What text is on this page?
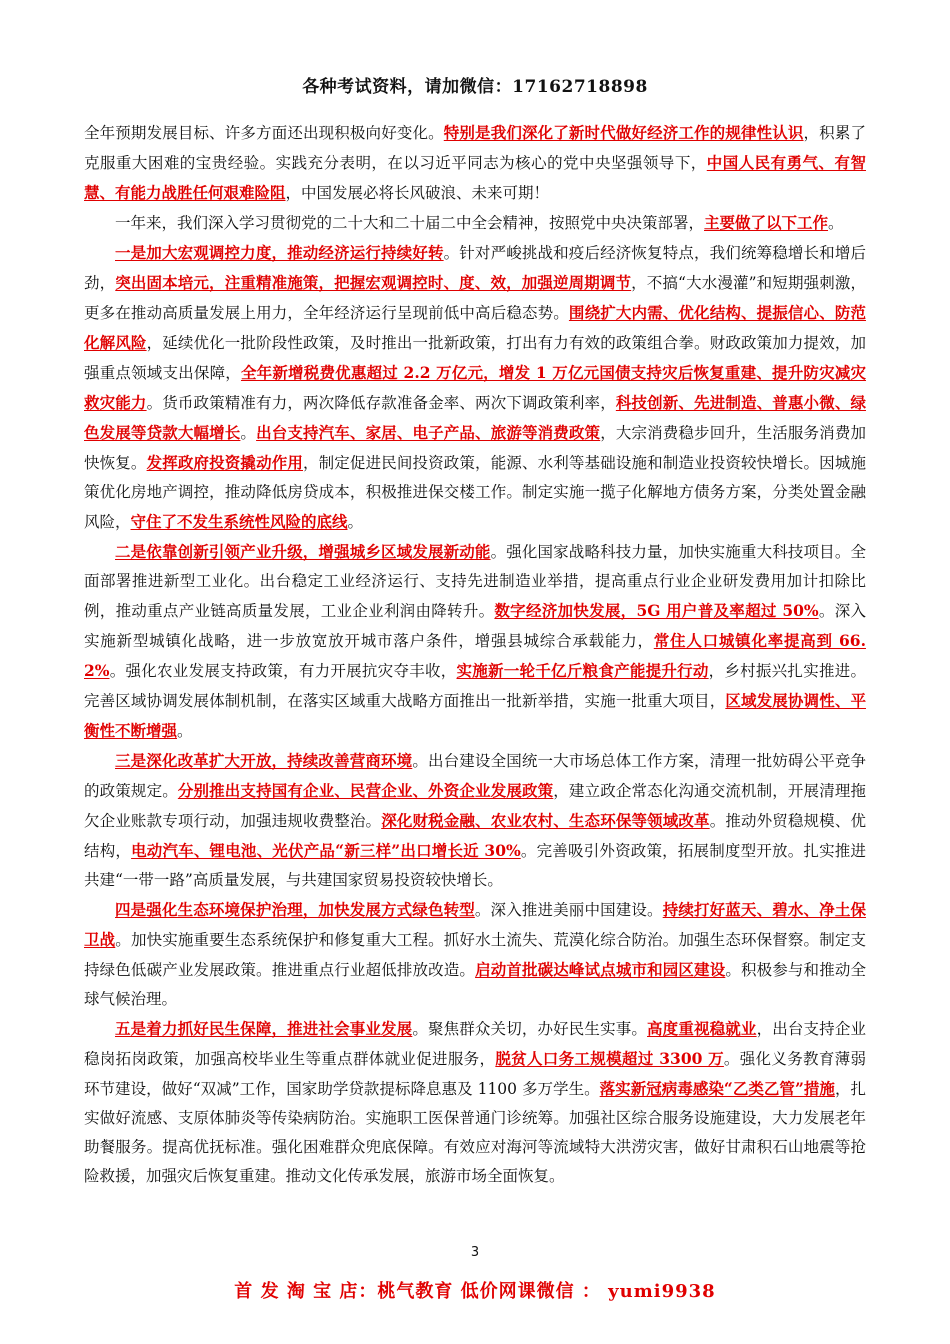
各种考试资料，请加微信：17162718898

全年预期发展目标、许多方面还出现积极向好变化。特别是我们深化了新时代做好经济工作的规律性认识，积累了克服重大困难的宝贵经验。实践充分表明，在以习近平同志为核心的党中央坚强领导下，中国人民有勇气、有智慧、有能力战胜任何艰难险阻，中国发展必将长风破浪、未来可期！

一年来，我们深入学习贯彻党的二十大和二十届二中全会精神，按照党中央决策部署，主要做了以下工作。

一是加大宏观调控力度，推动经济运行持续好转。针对严峻挑战和疫后经济恢复特点，我们统筹稳增长和增后劲，突出固本培元，注重精准施策，把握宏观调控时、度、效，加强逆周期调节，不搞“大水漫灌”和短期强刺激，更多在推动高质量发展上用力，全年经济运行呈现前低中高后稳态势。围绕扩大内需、优化结构、提振信心、防范化解风险，延续优化一批阶段性政策，及时推出一批新政策，打出有力有效的政策组合拳。财政政策加力提效，加强重点领域支出保障，全年新增税费优惠超过 2.2 万亿元，增发 1 万亿元国债支持灾后恢复重建、提升防灾减灾救灾能力。货币政策精准有力，两次降低存款准备金率、两次下调政策利率，科技创新、先进制造、普惠小微、绿色发展等贷款大幅增长。出台支持汽车、家居、电子产品、旅游等消费政策，大宗消费稳步回升，生活服务消费加快恢复。发挥政府投资撬动作用，制定促进民间投资政策，能源、水利等基础设施和制造业投资较快增长。因城施策优化房地产调控，推动降低房贷成本，积极推进保交楼工作。制定实施一揽子化解地方债务方案，分类处置金融风险，守住了不发生系统性风险的底线。

二是依靠创新引领产业升级，增强城乡区域发展新动能。强化国家战略科技力量，加快实施重大科技项目。全面部署推进新型工业化。出台稳定工业经济运行、支持先进制造业举措，提高重点行业企业研发费用加计扣除比例，推动重点产业链高质量发展，工业企业利润由降转升。数字经济加快发展，5G 用户普及率超过 50%。深入实施新型城镇化战略，进一步放宽放开城市落户条件，增强县城综合承载能力，常住人口城镇化率提高到 66.2%。强化农业发展支持政策，有力开展抗灾夺丰收，实施新一轮千亿斤粮食产能提升行动，乡村振兴扎实推进。完善区域协调发展体制机制，在落实区域重大战略方面推出一批新举措，实施一批重大项目，区域发展协调性、平衡性不断增强。

三是深化改革扩大开放，持续改善营商环境。出台建设全国统一大市场总体工作方案，清理一批妨碍公平竞争的政策规定。分别推出支持国有企业、民营企业、外资企业发展政策，建立政企常态化沟通交流机制，开展清理拖欠企业账款专项行动，加强违规收费整治。深化财税金融、农业农村、生态环保等领域改革。推动外贸稳规模、优结构，电动汽车、锂电池、光伏产品“新三样”出口增长近 30%。完善吸引外资政策，拓展制度型开放。扎实推进共建“一带一路”高质量发展，与共建国家贸易投资较快增长。

四是强化生态环境保护治理，加快发展方式绿色转型。深入推进美丽中国建设。持续打好蓝天、碧水、净土保卫战。加快实施重要生态系统保护和修复重大工程。抓好水土流失、荒漠化综合防治。加强生态环保督察。制定支持绿色低碳产业发展政策。推进重点行业超低排放改造。启动首批碳达峰试点城市和园区建设。积极参与和推动全球气候治理。

五是着力抓好民生保障，推进社会事业发展。聚焦群众关切，办好民生实事。高度重视稳就业，出台支持企业稳岗拓岗政策，加强高校毕业生等重点群体就业促进服务，脱贫人口务工规模超过 3300 万。强化义务教育薄弱环节建设，做好“双减”工作，国家助学贷款提标降息惠及 1100 多万学生。落实新冠病毒感染“乙类乙管”措施，扎实做好流感、支原体肺炎等传染病防治。实施职工医保普通门诊统筹。加强社区综合服务设施建设，大力发展老年助餐服务。提高优抚标准。强化困难群众兜底保障。有效应对海河等流域特大洪涝灾害，做好甘肃积石山地震等抢险救援，加强灾后恢复重建。推动文化传承发展，旅游市场全面恢复。

3
首 发 淘 宝 店：桃气教育 低价网课微信 ： yumi9938
